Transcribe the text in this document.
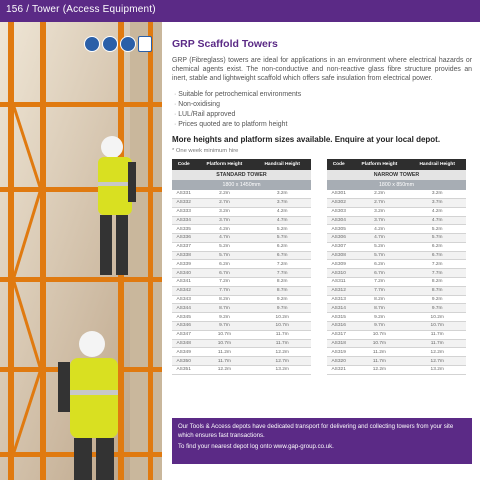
156 / Tower (Access Equipment)
GRP Scaffold Towers

GRP (Fibreglass) towers are ideal for applications in an environment where electrical hazards or chemical agents exist. The non-conductive and non-reactive glass fibre structure provides an inert, stable and lightweight scaffold which offers safe insulation from electrical power.

· Suitable for petrochemical environments
· Non-oxidising
· LUL/Rail approved
· Prices quoted are to platform height

More heights and platform sizes available. Enquire at your local depot.

* One week minimum hire

Code	Platform Height	Handrail Height
STANDARD TOWER		
1800 x 1450mm		
AS331	2.2m	3.2m
AS332	2.7m	3.7m
AS333	3.2m	4.2m
AS334	3.7m	4.7m
AS335	4.2m	5.2m
AS336	4.7m	5.7m
AS337	5.2m	6.2m
AS338	5.7m	6.7m
AS339	6.2m	7.2m
AS340	6.7m	7.7m
AS341	7.2m	8.2m
AS342	7.7m	8.7m
AS343	8.2m	9.2m
AS344	8.7m	9.7m
AS345	9.2m	10.2m
AS346	9.7m	10.7m
AS347	10.7m	11.7m
AS348	10.7m	11.7m
AS349	11.2m	12.2m
AS350	11.7m	12.7m
AS351	12.2m	13.2m
Code	Platform Height	Handrail Height
NARROW TOWER		
1800 x 850mm		
AS301	2.2m	3.2m
AS302	2.7m	3.7m
AS303	3.2m	4.2m
AS304	3.7m	4.7m
AS305	4.2m	5.2m
AS306	4.7m	5.7m
AS307	5.2m	6.2m
AS308	5.7m	6.7m
AS309	6.2m	7.2m
AS310	6.7m	7.7m
AS311	7.2m	8.2m
AS312	7.7m	8.7m
AS313	8.2m	9.2m
AS314	8.7m	9.7m
AS315	9.2m	10.2m
AS316	9.7m	10.7m
AS317	10.7m	11.7m
AS318	10.7m	11.7m
AS319	11.2m	12.2m
AS320	11.7m	12.7m
AS321	12.2m	13.2m

Our Tools & Access depots have dedicated transport for delivering and collecting towers from your site which ensures fast transactions.

To find your nearest depot log onto www.gap-group.co.uk.
